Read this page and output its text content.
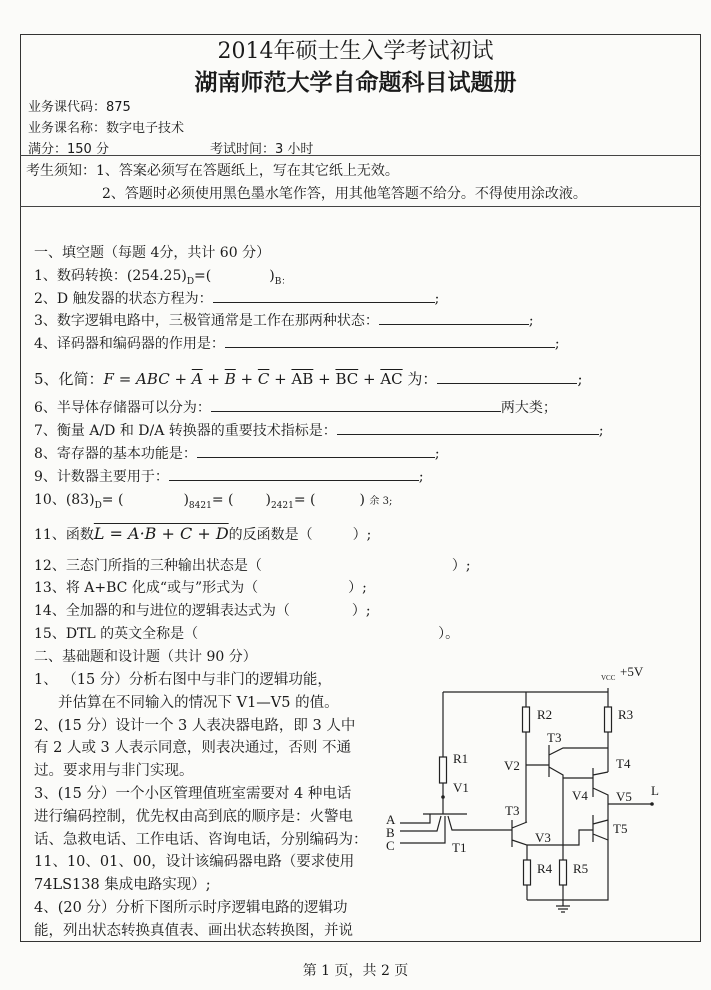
2014年硕士生入学考试初试
湖南师范大学自命题科目试题册
业务课代码：875
业务课名称：数字电子技术
满分：150 分	考试时间：3 小时
考生须知：1、答案必须写在答题纸上，写在其它纸上无效。
2、答题时必须使用黑色墨水笔作答，用其他笔答题不给分。不得使用涂改液。
一、填空题（每题 4分，共计 60 分）
1、数码转换：$(254.25)_D=$(	)$_{B:}$
2、D 触发器的状态方程为：	;
3、数字逻辑电路中，三极管通常是工作在那两种状态：	;
4、译码器和编码器的作用是：	;
5、化简：F = ABC + $\overline{A} + \overline{B} + \overline{C} + \overline{AB} + \overline{BC} + \overline{AC}$ 为：	;
6、半导体存储器可以分为：	两大类；
7、衡量 A/D 和 D/A 转换器的重要技术指标是：	;
8、寄存器的基本功能是：	;
9、计数器主要用于：	;
10、$(83)_D=$ (	)$_{8421}=$ ( )$_{2421}=$ (	) 余 3;
11、函数L = A·B + C + D的反函数是（	）;
12、三态门所指的三种输出状态是（	）;
13、将 A+BC 化成“或与”形式为（	）;
14、全加器的和与进位的逻辑表达式为（	）;
15、DTL 的英文全称是（	）。
二、基础题和设计题（共计 90 分）
1、 （15 分）分析右图中与非门的逻辑功能，
并估算在不同输入的情况下 V1—V5 的值。
2、(15 分）设计一个 3 人表决器电路，即 3 人中
有 2 人或 3 人表示同意，则表决通过，否则 不通
过。要求用与非门实现。
3、(15 分）一个小区管理值班室需要对 4 种电话
进行编码控制，优先权由高到底的顺序是：火警电
话、急救电话、工作电话、咨询电话，分别编码为：
11、10、01、00，设计该编码器电路（要求使用
74LS138 集成电路实现）;
4、(20 分）分析下图所示时序逻辑电路的逻辑功
能，列出状态转换真值表、画出状态转换图，并说
VCC +5V
R1
R2	R3
R4 R5
V1
V2
V3
V4 V5
T1
T3
T3
T4
T5
A
B
C
L
第 1 页，共 2 页
